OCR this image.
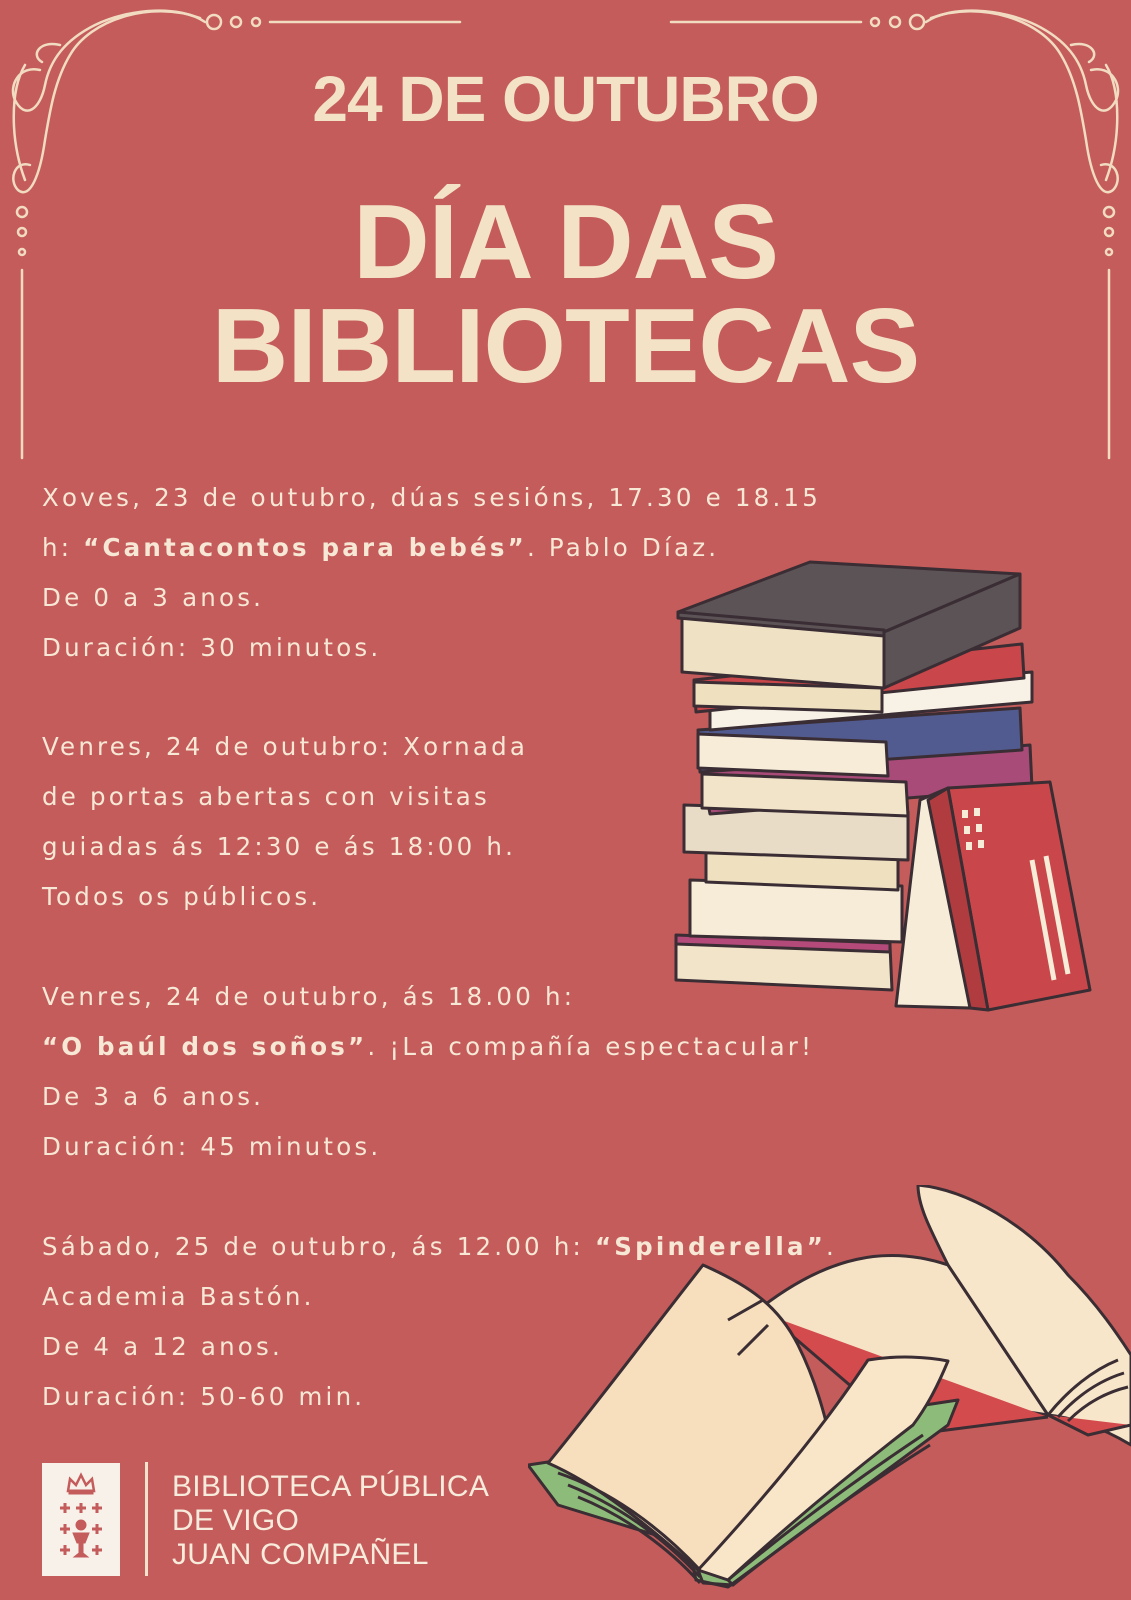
24 DE OUTUBRO
DÍA DAS
BIBLIOTECAS
Xoves, 23 de outubro, dúas sesións, 17.30 e 18.15
h: “Cantacontos para bebés”. Pablo Díaz.
De 0 a 3 anos.
Duración: 30 minutos.
Venres, 24 de outubro: Xornada
de portas abertas con visitas
guiadas ás 12:30 e ás 18:00 h.
Todos os públicos.
Venres, 24 de outubro, ás 18.00 h:
“O baúl dos soños”. ¡La compañía espectacular!
De 3 a 6 anos.
Duración: 45 minutos.
Sábado, 25 de outubro, ás 12.00 h: “Spinderella”.
Academia Bastón.
De 4 a 12 anos.
Duración: 50-60 min.
BIBLIOTECA PÚBLICA
DE VIGO
JUAN COMPAÑEL
